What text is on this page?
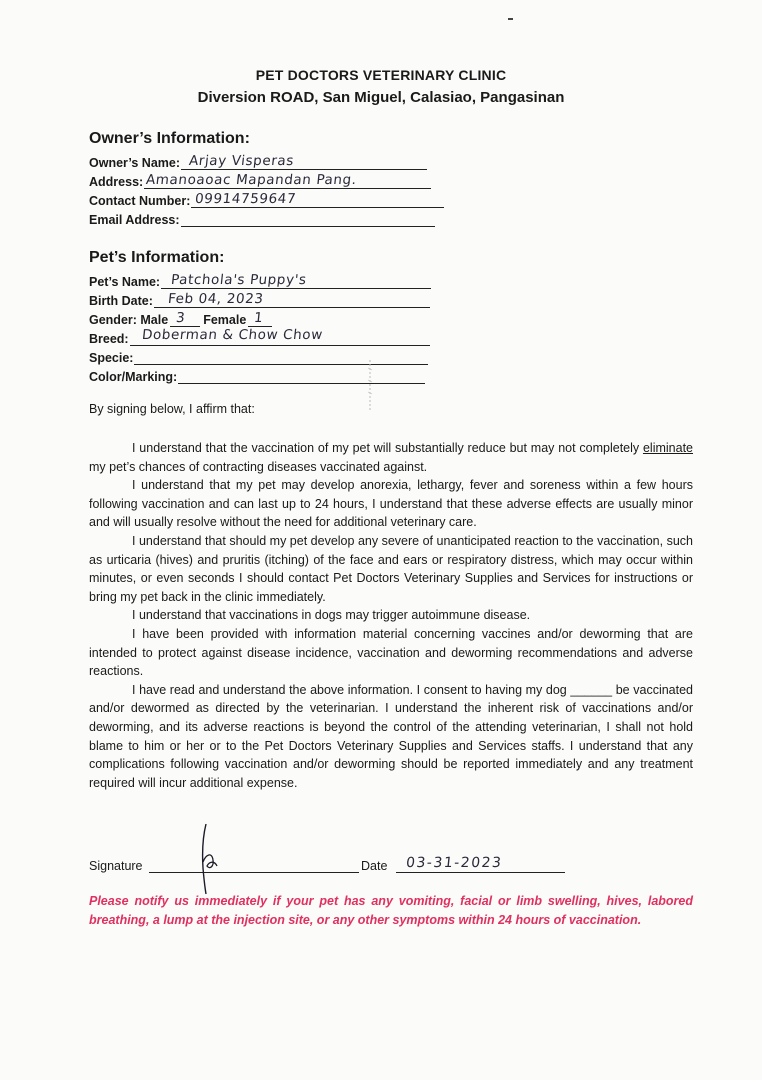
PET DOCTORS VETERINARY CLINIC
Diversion ROAD, San Miguel, Calasiao, Pangasinan
Owner’s Information:
Owner’s Name: Arjay Visperas
Address: Amanoaoac Mapandan Pang.
Contact Number: 09914759647
Email Address:
Pet’s Information:
Pet’s Name: Patchola's Puppy's
Birth Date: Feb 04, 2023
Gender: Male 3 Female 1
Breed: Doberman & Chow Chow
Specie:
Color/Marking:
By signing below, I affirm that:

I understand that the vaccination of my pet will substantially reduce but may not completely eliminate my pet’s chances of contracting diseases vaccinated against.

I understand that my pet may develop anorexia, lethargy, fever and soreness within a few hours following vaccination and can last up to 24 hours, I understand that these adverse effects are usually minor and will usually resolve without the need for additional veterinary care.

I understand that should my pet develop any severe of unanticipated reaction to the vaccination, such as urticaria (hives) and pruritis (itching) of the face and ears or respiratory distress, which may occur within minutes, or even seconds I should contact Pet Doctors Veterinary Supplies and Services for instructions or bring my pet back in the clinic immediately.

I understand that vaccinations in dogs may trigger autoimmune disease.

I have been provided with information material concerning vaccines and/or deworming that are intended to protect against disease incidence, vaccination and deworming recommendations and adverse reactions.

I have read and understand the above information. I consent to having my dog ______ be vaccinated and/or dewormed as directed by the veterinarian. I understand the inherent risk of vaccinations and/or deworming, and its adverse reactions is beyond the control of the attending veterinarian, I shall not hold blame to him or her or to the Pet Doctors Veterinary Supplies and Services staffs. I understand that any complications following vaccination and/or deworming should be reported immediately and any treatment required will incur additional expense.

Signature	Date 03-31-2023
Please notify us immediately if your pet has any vomiting, facial or limb swelling, hives, labored breathing, a lump at the injection site, or any other symptoms within 24 hours of vaccination.
